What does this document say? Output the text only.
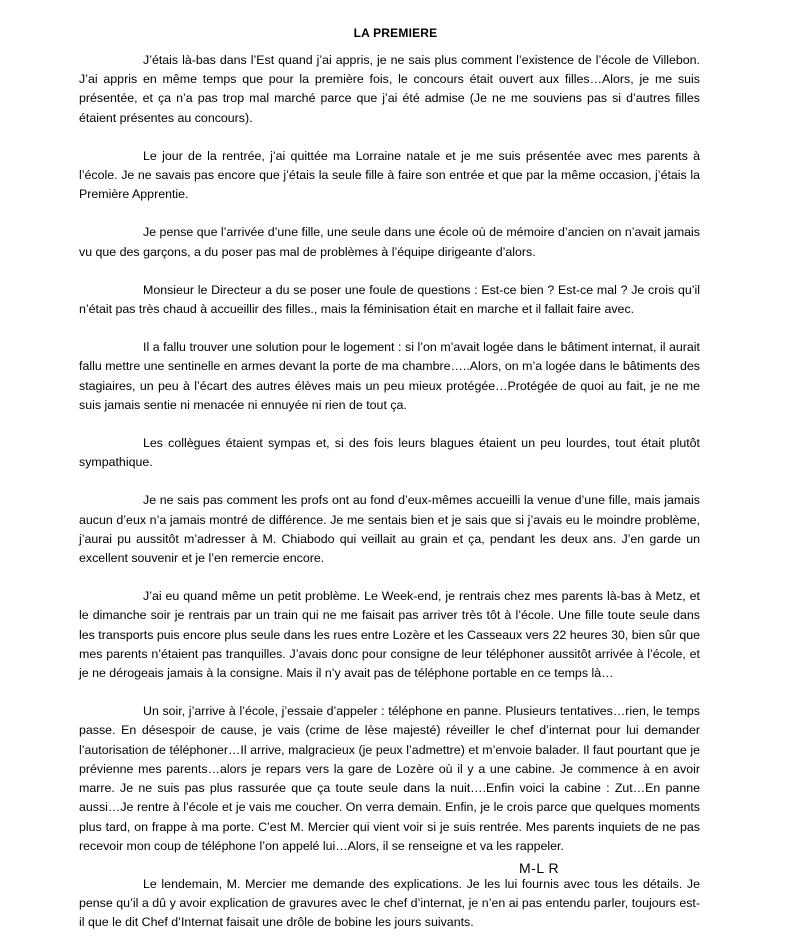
LA PREMIERE

J’étais là-bas dans l’Est quand j’ai appris, je ne sais plus comment l’existence de l’école de Villebon. J’ai appris en même temps que pour la première fois, le concours était ouvert aux filles…Alors, je me suis présentée, et ça n’a pas trop mal marché parce que j’ai été admise (Je ne me souviens pas si d’autres filles étaient présentes au concours).

Le jour de la rentrée, j’ai quittée ma Lorraine natale et je me suis présentée avec mes parents à l’école. Je ne savais pas encore que j’étais la seule fille à faire son entrée et que par la même occasion, j’étais la Première Apprentie.

Je pense que l’arrivée d’une fille, une seule dans une école où de mémoire d’ancien on n’avait jamais vu que des garçons, a du poser pas mal de problèmes à l’équipe dirigeante d’alors.

Monsieur le Directeur a du se poser une foule de questions : Est-ce bien ? Est-ce mal ? Je crois qu’il n’était pas très chaud à accueillir des filles., mais la féminisation était en marche et il fallait faire avec.

Il a fallu trouver une solution pour le logement : si l’on m’avait logée dans le bâtiment internat, il aurait fallu mettre une sentinelle en armes devant la porte de ma chambre…..Alors, on m’a logée dans le bâtiments des stagiaires, un peu à l’écart des autres élèves mais un peu mieux protégée…Protégée de quoi au fait, je ne me suis jamais sentie ni menacée ni ennuyée ni rien de tout ça.

Les collègues étaient sympas et, si des fois leurs blagues étaient un peu lourdes, tout était plutôt sympathique.

Je ne sais pas comment les profs ont au fond d’eux-mêmes accueilli la venue d’une fille, mais jamais aucun d’eux n’a jamais montré de différence. Je me sentais bien et je sais que si j’avais eu le moindre problème, j’aurai pu aussitôt m’adresser à M. Chiabodo qui veillait au grain et ça, pendant les deux ans. J’en garde un excellent souvenir et je l’en remercie encore.

J’ai eu quand même un petit problème. Le Week-end, je rentrais chez mes parents là-bas à Metz, et le dimanche soir je rentrais par un train qui ne me faisait pas arriver très tôt à l’école. Une fille toute seule dans les transports puis encore plus seule dans les rues entre Lozère et les Casseaux vers 22 heures 30, bien sûr que mes parents n’étaient pas tranquilles. J’avais donc pour consigne de leur téléphoner aussitôt arrivée à l’école, et je ne dérogeais jamais à la consigne. Mais il n’y avait pas de téléphone portable en ce temps là…

Un soir, j’arrive à l’école, j’essaie d’appeler : téléphone en panne. Plusieurs tentatives…rien, le temps passe. En désespoir de cause, je vais (crime de lèse majesté) réveiller le chef d’internat pour lui demander l’autorisation de téléphoner…Il arrive, malgracieux (je peux l’admettre) et m’envoie balader. Il faut pourtant que je prévienne mes parents…alors je repars vers la gare de Lozère où il y a une cabine. Je commence à en avoir marre. Je ne suis pas plus rassurée que ça toute seule dans la nuit….Enfin voici la cabine : Zut…En panne aussi…Je rentre à l’école et je vais me coucher. On verra demain. Enfin, je le crois parce que quelques moments plus tard, on frappe à ma porte. C’est M. Mercier qui vient voir si je suis rentrée. Mes parents inquiets de ne pas recevoir mon coup de téléphone l’on appelé lui…Alors, il se renseigne et va les rappeler.

Le lendemain, M. Mercier me demande des explications. Je les lui fournis avec tous les détails. Je pense qu’il a dû y avoir explication de gravures avec le chef d’internat, je n’en ai pas entendu parler, toujours est-il que le dit Chef d’Internat faisait une drôle de bobine les jours suivants.

M-L R
